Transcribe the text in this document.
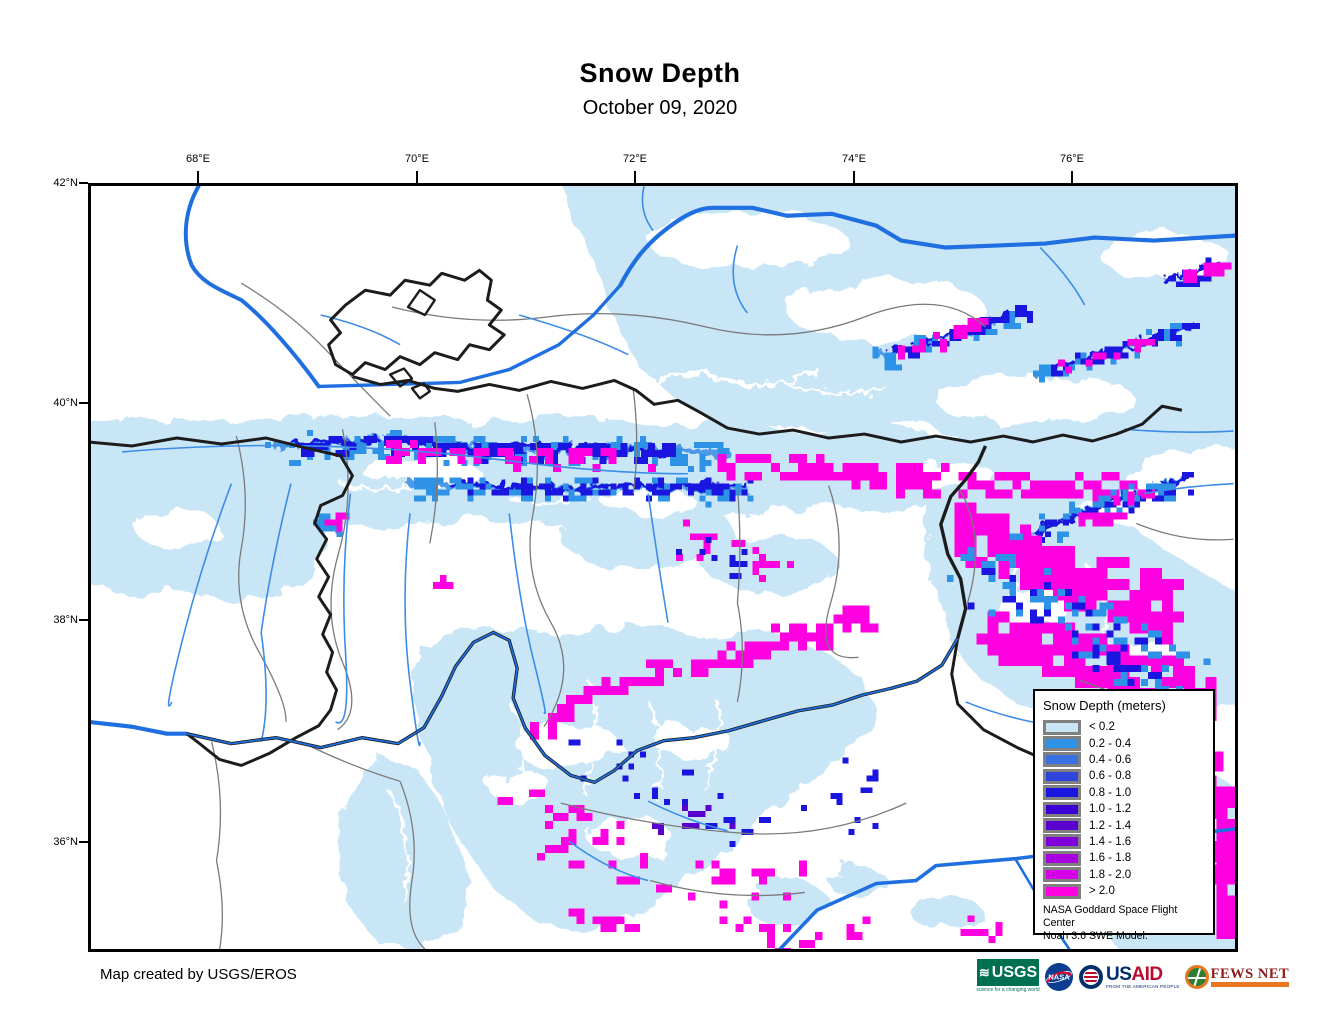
Snow Depth
October 09, 2020
68°E	70°E	72°E	74°E	76°E
42°N
40°N
38°N
36°N
Snow Depth (meters)
< 0.2
0.2 - 0.4
0.4 - 0.6
0.6 - 0.8
0.8 - 1.0
1.0 - 1.2
1.2 - 1.4
1.4 - 1.6
1.6 - 1.8
1.8 - 2.0
> 2.0
NASA Goddard Space Flight Center
Noah 3.6 SWE Model.
Map created by USGS/EROS	≋ USGS
science for a changing world
NASA USAID
FROM THE AMERICAN PEOPLE
FEWS NET
